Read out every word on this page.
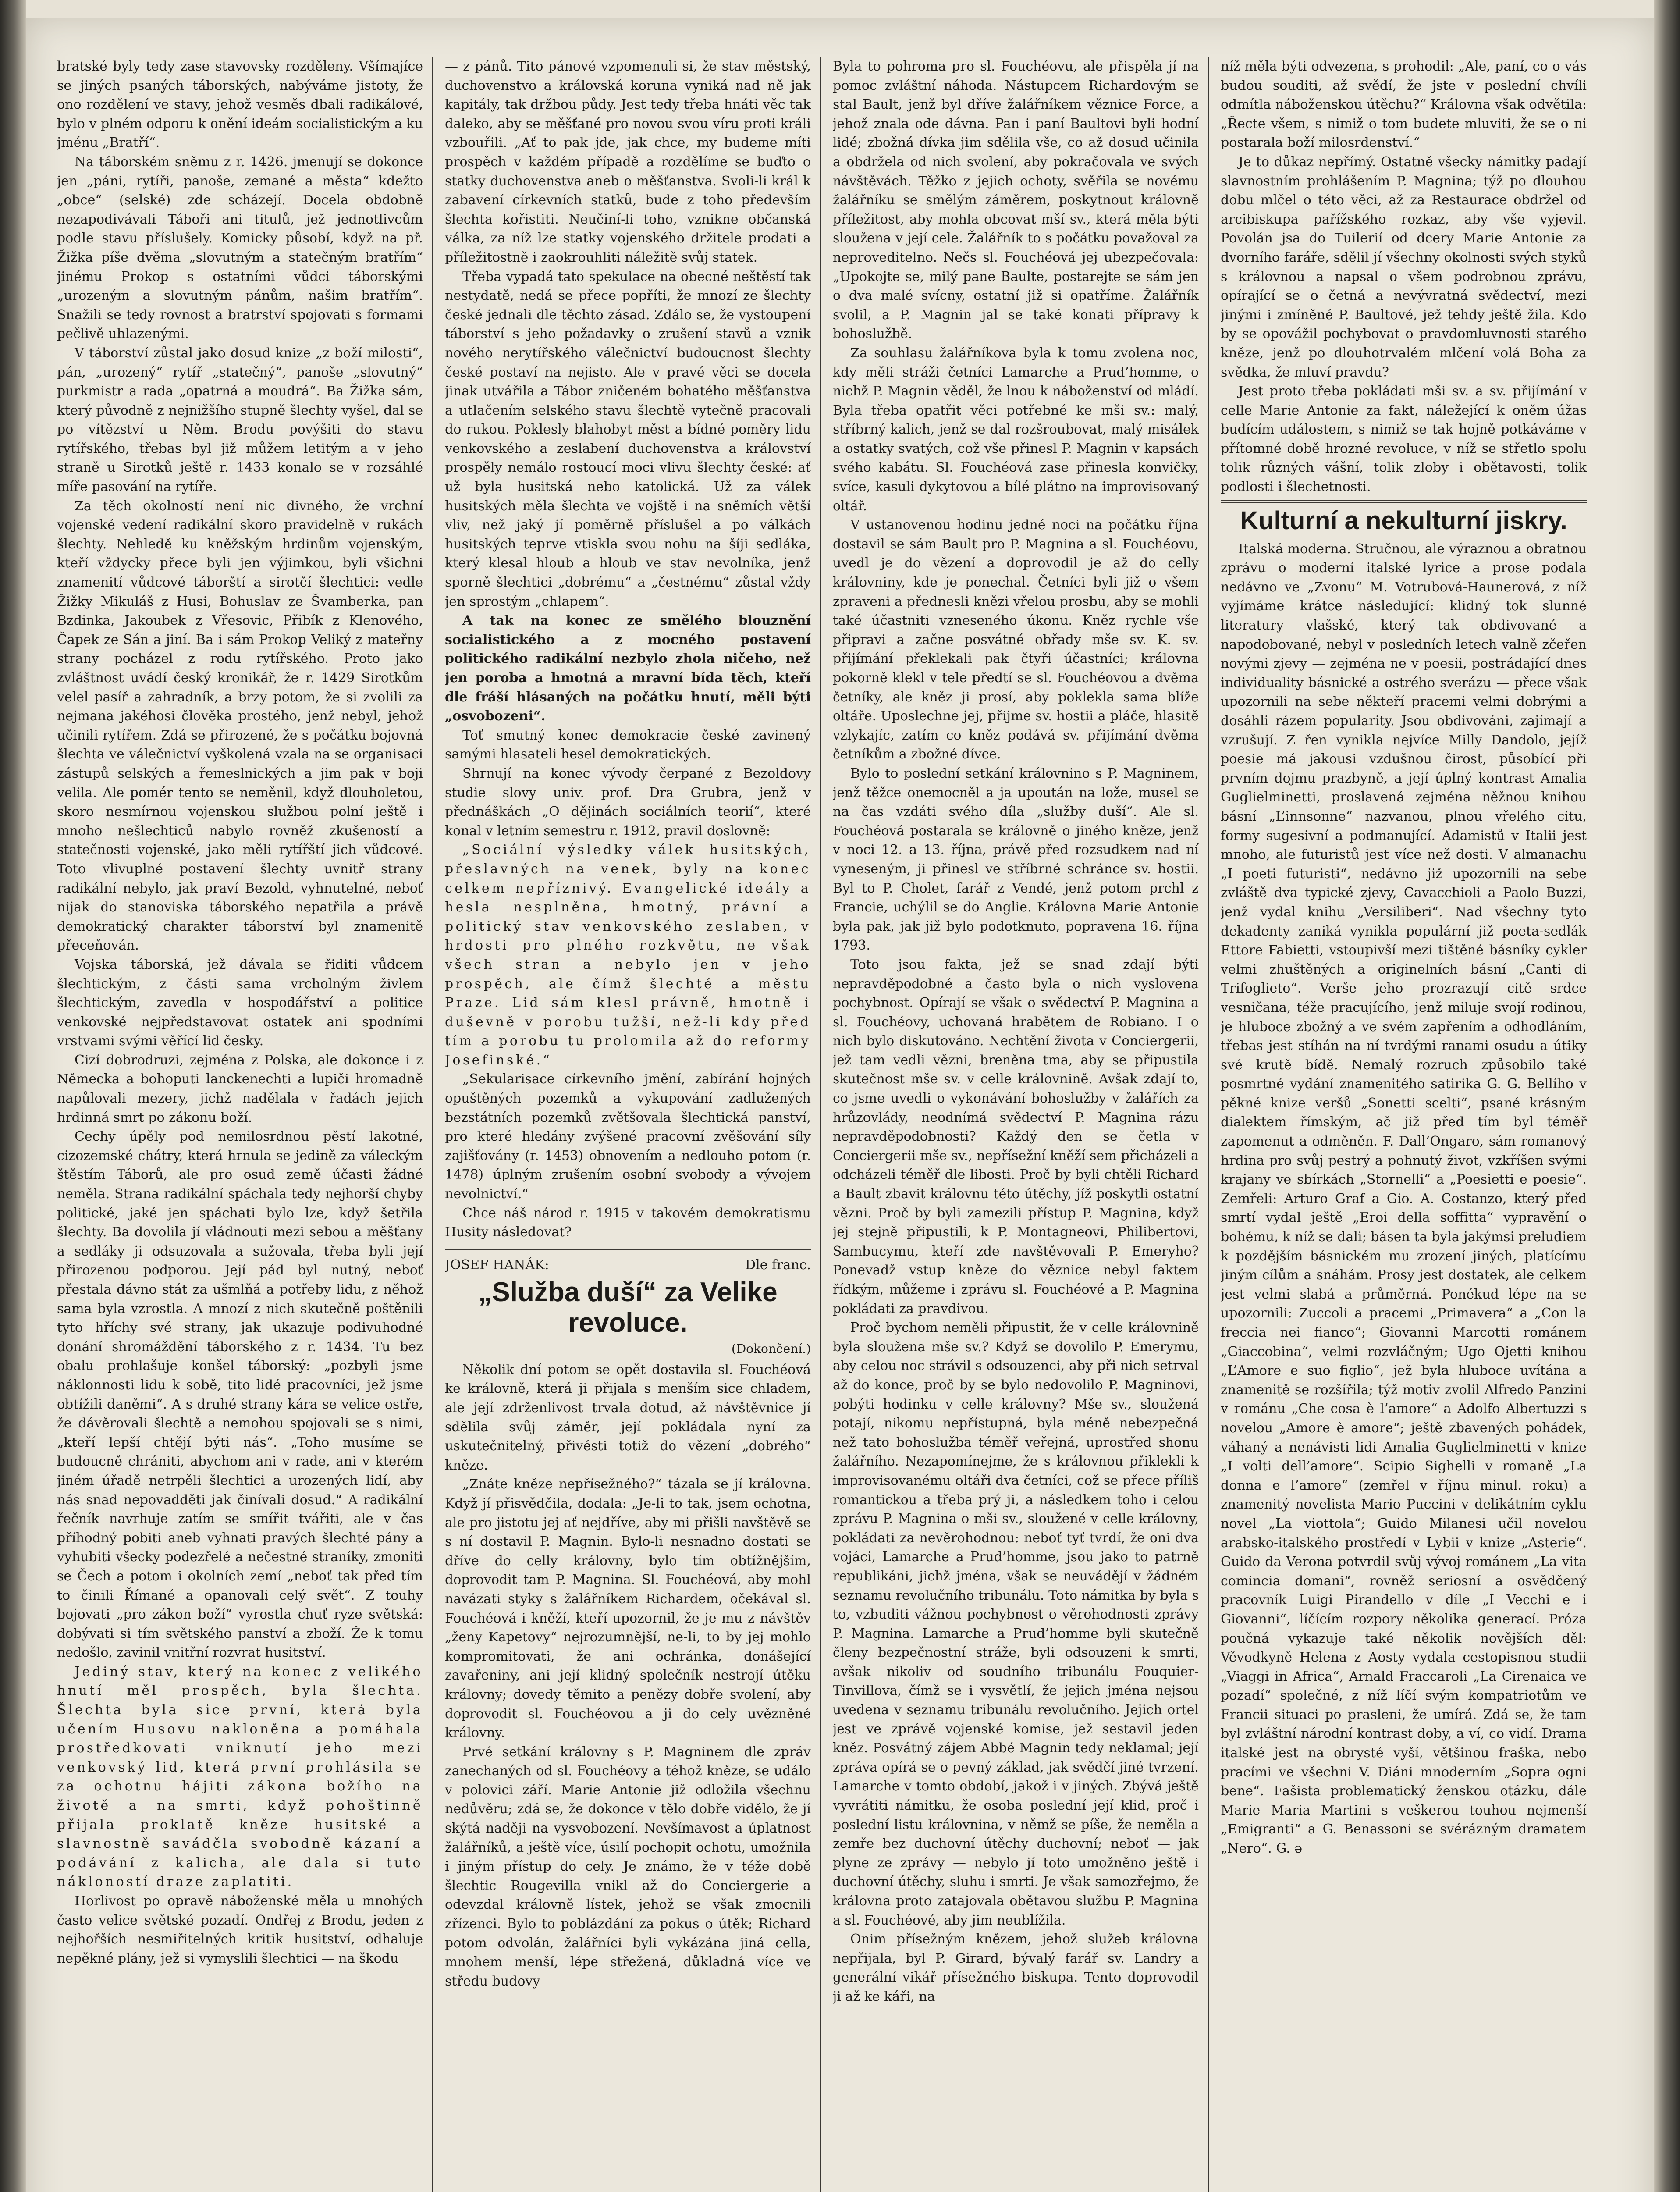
bratské byly tedy zase stavovsky rozděleny. Všímajíce se jiných psaných táborských, nabýváme jistoty, že ono rozdělení ve stavy, jehož vesměs dbali radikálové, bylo v plném odporu k onění ideám socialistickým a ku jménu „Bratří“.

Na táborském sněmu z r. 1426. jmenují se dokonce jen „páni, rytíři, panoše, zemané a města“ kdežto „obce“ (selské) zde scházejí. Docela obdobně nezapodivávali Táboři ani titulů, jež jednotlivcům podle stavu příslušely. Komicky působí, když na př. Žižka píše dvěma „slovutným a statečným bratřím“ jinému Prokop s ostatními vůdci táborskými „urozeným a slovutným pánům, našim bratřím“. Snažili se tedy rovnost a bratrství spojovati s formami pečlivě uhlazenými.

V táborství zůstal jako dosud knize „z boží milosti“, pán, „urozený“ rytíř „statečný“, panoše „slovutný“ purkmistr a rada „opatrná a moudrá“. Ba Žižka sám, který původně z nejnižšího stupně šlechty vyšel, dal se po vítězství u Něm. Brodu povýšiti do stavu rytířského, třebas byl již můžem letitým a v jeho straně u Sirotků ještě r. 1433 konalo se v rozsáhlé míře pasování na rytíře.

Za těch okolností není nic divného, že vrchní vojenské vedení radikální skoro pravidelně v rukách šlechty. Nehledě ku kněžským hrdinům vojenským, kteří vždycky přece byli jen výjimkou, byli všichni znamenití vůdcové táborští a sirotčí šlechtici: vedle Žižky Mikuláš z Husi, Bohuslav ze Švamberka, pan Bzdinka, Jakoubek z Vřesovic, Přibík z Klenového, Čapek ze Sán a jiní. Ba i sám Prokop Veliký z mateřny strany pocházel z rodu rytířského. Proto jako zvláštnost uvádí český kronikář, že r. 1429 Sirotkům velel pasíř a zahradník, a brzy potom, že si zvolili za nejmana jakéhosi člověka prostého, jenž nebyl, jehož učinili rytířem. Zdá se přirozené, že s počátku bojovná šlechta ve válečnictví vyškolená vzala na se organisaci zástupů selských a řemeslnických a jim pak v boji velila. Ale pomér tento se neměnil, když dlouholetou, skoro nesmírnou vojenskou službou polní ještě i mnoho nešlechticů nabylo rovněž zkušeností a statečnosti vojenské, jako měli rytířští jich vůdcové. Toto vlivuplné postavení šlechty uvnitř strany radikální nebylo, jak praví Bezold, vyhnutelné, neboť nijak do stanoviska táborského nepatřila a právě demokratický charakter táborství byl znamenitě přeceňován.

Vojska táborská, jež dávala se řiditi vůdcem šlechtickým, z části sama vrcholným živlem šlechtickým, zavedla v hospodářství a politice venkovské nejpředstavovat ostatek ani spodními vrstvami svými věřící lid česky.

Cizí dobrodruzi, zejména z Polska, ale dokonce i z Německa a bohoputi lanckenechti a lupiči hromadně napůlovali mezery, jichž nadělala v řadách jejich hrdinná smrt po zákonu boží.

Cechy úpěly pod nemilosrdnou pěstí lakotné, cizozemské chátry, která hrnula se jedině za váleckým štěstím Táborů, ale pro osud země účasti žádné neměla. Strana radikální spáchala tedy nejhorší chyby politické, jaké jen spáchati bylo lze, když šetřila šlechty. Ba dovolila jí vládnouti mezi sebou a měšťany a sedláky ji odsuzovala a sužovala, třeba byli její přirozenou podporou. Její pád byl nutný, neboť přestala dávno stát za ušmlňá a potřeby lidu, z něhož sama byla vzrostla. A mnozí z nich skutečně poštěnili tyto hříchy své strany, jak ukazuje podivuhodné donání shromáždění táborského z r. 1434. Tu bez obalu prohlašuje konšel táborský: „pozbyli jsme náklonnosti lidu k sobě, tito lidé pracovníci, jež jsme obtížili daněmi“. A s druhé strany kára se velice ostře, že dávěrovali šlechtě a nemohou spojovali se s nimi, „kteří lepší chtějí býti nás“. „Toho musíme se budoucně chrániti, abychom ani v rade, ani v kterém jiném úřadě netrpěli šlechtici a urozených lidí, aby nás snad nepovadděti jak činívali dosud.“ A radikální řečník navrhuje zatím se smířit tvářiti, ale v čas příhodný pobiti aneb vyhnati pravých šlechté pány a vyhubiti všecky podezřelé a nečestné straníky, zmoniti se Čech a potom i okolních zemí „neboť tak před tím to činili Římané a opanovali celý svět“. Z touhy bojovati „pro zákon boží“ vyrostla chuť ryze světská: dobývati si tím světského panství a zboží. Že k tomu nedošlo, zavinil vnitřní rozvrat husitství.

Jediný stav, který na konec z velikého hnutí měl prospěch, byla šlechta. Šlechta byla sice první, která byla učením Husovu nakloněna a pomáhala prostředkovati vniknutí jeho mezi venkovský lid, která první prohlásila se za ochotnu hájiti zákona božího na životě a na smrti, když pohoštinně přijala proklatě kněze husitské a slavnostně savádčla svobodně kázaní a podávání z kalicha, ale dala si tuto nákloností draze zaplatiti.

Horlivost po opravě náboženské měla u mnohých často velice světské pozadí. Ondřej z Brodu, jeden z nejhořších nesmiřitelných kritik husitství, odhaluje nepěkné plány, jež si vymyslili šlechtici — na škodu

— z pánů. Tito pánové vzpomenuli si, že stav městský, duchovenstvo a královská koruna vyniká nad ně jak kapitály, tak držbou půdy. Jest tedy třeba hnáti věc tak daleko, aby se měšťané pro novou svou víru proti králi vzbouřili. „Ať to pak jde, jak chce, my budeme míti prospěch v každém případě a rozdělíme se buďto o statky duchovenstva aneb o měšťanstva. Svoli-li král k zabavení církevních statků, bude z toho především šlechta kořistiti. Neučiní-li toho, vznikne občanská válka, za níž lze statky vojenského držitele prodati a příležitostně i zaokrouhliti náležitě svůj statek.

Třeba vypadá tato spekulace na obecné neštěstí tak nestydatě, nedá se přece popříti, že mnozí ze šlechty české jednali dle těchto zásad. Zdálo se, že vystoupení táborství s jeho požadavky o zrušení stavů a vznik nového nerytířského válečnictví budoucnost šlechty české postaví na nejisto. Ale v pravé věci se docela jinak utvářila a Tábor zničeném bohatého měšťanstva a utlačením selského stavu šlechtě vytečně pracovali do rukou. Poklesly blahobyt měst a bídné poměry lidu venkovského a zeslabení duchovenstva a království prospěly nemálo rostoucí moci vlivu šlechty české: ať už byla husitská nebo katolická. Už za válek husitských měla šlechta ve vojště i na sněmích větší vliv, než jaký jí poměrně příslušel a po válkách husitských teprve vtiskla svou nohu na šíji sedláka, který klesal hloub a hloub ve stav nevolníka, jenž sporně šlechtici „dobrému“ a „čestnému“ zůstal vždy jen sprostým „chlapem“.

A tak na konec ze smělého blouznění socialistického a z mocného postavení politického radikální nezbylo zhola ničeho, než jen poroba a hmotná a mravní bída těch, kteří dle fráší hlásaných na počátku hnutí, měli býti „osvobozeni“.

Toť smutný konec demokracie české zavinený samými hlasateli hesel demokratických.

Shrnují na konec vývody čerpané z Bezoldovy studie slovy univ. prof. Dra Grubra, jenž v přednáškách „O dějinách sociálních teorií“, které konal v letním semestru r. 1912, pravil doslovně:

„Sociální výsledky válek husitských, přeslavných na venek, byly na konec celkem nepříznivý. Evangelické ideály a hesla nesplněna, hmotný, právní a politický stav venkovského zeslaben, v hrdosti pro plného rozkvětu, ne však všech stran a nebylo jen v jeho prospěch, ale čímž šlechté a městu Praze. Lid sám klesl právně, hmotně i duševně v porobu tužší, než-li kdy před tím a porobu tu prolomila až do reformy Josefinské.“

„Sekularisace církevního jmění, zabírání hojných opuštěných pozemků a vykupování zadlužených bezstátních pozemků zvětšovala šlechtická panství, pro které hledány zvýšené pracovní zvěšování síly zajišťovány (r. 1453) obnovením a nedlouho potom (r. 1478) úplným zrušením osobní svobody a vývojem nevolnictví.“

Chce náš národ r. 1915 v takovém demokratismu Husity následovat?

JOSEF HANÁK:	Dle franc.
„Služba duší“ za Velike revoluce.
(Dokončení.)

Několik dní potom se opět dostavila sl. Fouchéová ke královně, která ji přijala s menším sice chladem, ale její zdrženlivost trvala dotud, až návštěvnice jí sdělila svůj záměr, její pokládala nyní za uskutečnitelný, přivésti totiž do vězení „dobrého“ kněze.

„Znáte kněze nepřísežného?“ tázala se jí královna. Když jí přisvědčila, dodala: „Je-li to tak, jsem ochotna, ale pro jistotu jej ať nejdříve, aby mi přišli navštěvě se s ní dostavil P. Magnin. Bylo-li nesnadno dostati se dříve do celly královny, bylo tím obtížnějším, doprovodit tam P. Magnina. Sl. Fouchéová, aby mohl navázati styky s žalářníkem Richardem, očekával sl. Fouchéová i kněží, kteří upozornil, že je mu z návštěv „ženy Kapetovy“ nejrozumnější, ne-li, to by jej mohlo kompromitovati, že ani ochránka, donášející zavařeniny, ani její klidný společník nestrojí útěku královny; dovedy těmito a penězy dobře svolení, aby doprovodit sl. Fouchéovou a ji do cely uvězněné královny.

Prvé setkání královny s P. Magninem dle zpráv zanechaných od sl. Fouchéovy a téhož kněze, se událo v polovici září. Marie Antonie již odložila všechnu nedůvěru; zdá se, že dokonce v tělo dobře vidělo, že jí skýtá naději na vysvobození. Nevšímavost a úplatnost žalářníků, a ještě více, úsilí pochopit ochotu, umožnila i jiným přístup do cely. Je známo, že v téže době šlechtic Rougevilla vnikl až do Conciergerie a odevzdal královně lístek, jehož se však zmocnili zřízenci. Bylo to poblázdání za pokus o útěk; Richard potom odvolán, žalářníci byli vykázána jiná cella, mnohem menší, lépe střežená, důkladná více ve středu budovy

Byla to pohroma pro sl. Fouchéovu, ale přispěla jí na pomoc zvláštní náhoda. Nástupcem Richardovým se stal Bault, jenž byl dříve žalářníkem věznice Force, a jehož znala ode dávna. Pan i paní Baultovi byli hodní lidé; zbožná dívka jim sdělila vše, co až dosud učinila a obdržela od nich svolení, aby pokračovala ve svých návštěvách. Těžko z jejich ochoty, svěřila se novému žalářníku se smělým záměrem, poskytnout královně příležitost, aby mohla obcovat mší sv., která měla býti sloužena v její cele. Žalářník to s počátku považoval za neproveditelno. Nečs sl. Fouchéová jej ubezpečovala: „Upokojte se, milý pane Baulte, postarejte se sám jen o dva malé svícny, ostatní již si opatříme. Žalářník svolil, a P. Magnin jal se také konati přípravy k bohoslužbě.

Za souhlasu žalářníkova byla k tomu zvolena noc, kdy měli stráži četníci Lamarche a Prud’homme, o nichž P. Magnin věděl, že lnou k náboženství od mládí. Byla třeba opatřit věci potřebné ke mši sv.: malý, stříbrný kalich, jenž se dal rozšroubovat, malý misálek a ostatky svatých, což vše přinesl P. Magnin v kapsách svého kabátu. Sl. Fouchéová zase přinesla konvičky, svíce, kasuli dykytovou a bílé plátno na improvisovaný oltář.

V ustanovenou hodinu jedné noci na počátku října dostavil se sám Bault pro P. Magnina a sl. Fouchéovu, uvedl je do vězení a doprovodil je až do celly královniny, kde je ponechal. Četníci byli již o všem zpraveni a přednesli knězi vřelou prosbu, aby se mohli také účastniti vzneseného úkonu. Kněz rychle vše připravi a začne posvátné obřady mše sv. K. sv. přijímání překlekali pak čtyři účastníci; královna pokorně klekl v tele předtí se sl. Fouchéovou a dvěma četníky, ale kněz ji prosí, aby poklekla sama blíže oltáře. Uposlechne jej, přijme sv. hostii a pláče, hlasitě vzlykajíc, zatím co kněz podává sv. přijímání dvěma četníkům a zbožné dívce.

Bylo to poslední setkání královnino s P. Magninem, jenž těžce onemocněl a ja upoután na lože, musel se na čas vzdáti svého díla „služby duší“. Ale sl. Fouchéová postarala se královně o jiného kněze, jenž v noci 12. a 13. října, právě před rozsudkem nad ní vyneseným, ji přinesl ve stříbrné schránce sv. hostii. Byl to P. Cholet, farář z Vendé, jenž potom prchl z Francie, uchýlil se do Anglie. Královna Marie Antonie byla pak, jak již bylo podotknuto, popravena 16. října 1793.

Toto jsou fakta, jež se snad zdají býti nepravděpodobné a často byla o nich vyslovena pochybnost. Opírají se však o svědectví P. Magnina a sl. Fouchéovy, uchovaná hrabětem de Robiano. I o nich bylo diskutováno. Nechtění života v Conciergerii, jež tam vedli vězni, breněna tma, aby se připustila skutečnost mše sv. v celle královnině. Avšak zdají to, co jsme uvedli o vykonávání bohoslužby v žalářích za hrůzovlády, neodnímá svědectví P. Magnina rázu nepravděpodobnosti? Každý den se četla v Conciergerii mše sv., nepřísežní kněží sem přicházeli a odcházeli téměř dle libosti. Proč by byli chtěli Richard a Bault zbavit královnu této útěchy, jíž poskytli ostatní vězni. Proč by byli zamezili přístup P. Magnina, když jej stejně připustili, k P. Montagneovi, Philibertovi, Sambucymu, kteří zde navštěvovali P. Emeryho? Ponevadž vstup kněze do věznice nebyl faktem řídkým, můžeme i zprávu sl. Fouchéové a P. Magnina pokládati za pravdivou.

Proč bychom neměli připustit, že v celle královnině byla sloužena mše sv.? Když se dovolilo P. Emerymu, aby celou noc strávil s odsouzenci, aby při nich setrval až do konce, proč by se bylo nedovolilo P. Magninovi, pobýti hodinku v celle královny? Mše sv., sloužená potají, nikomu nepřístupná, byla méně nebezpečná než tato bohoslužba téměř veřejná, uprostřed shonu žalářního. Nezapomínejme, že s královnou přiklekli k improvisovanému oltáři dva četníci, což se přece příliš romantickou a třeba prý ji, a následkem toho i celou zprávu P. Magnina o mši sv., sloužené v celle královny, pokládati za nevěrohodnou: neboť tyť tvrdí, že oni dva vojáci, Lamarche a Prud’homme, jsou jako to patrně republikáni, jichž jména, však se neuvádějí v žádném seznamu revolučního tribunálu. Toto námitka by byla s to, vzbuditi vážnou pochybnost o věrohodnosti zprávy P. Magnina. Lamarche a Prud’homme byli skutečně členy bezpečnostní stráže, byli odsouzeni k smrti, avšak nikoliv od soudního tribunálu Fouquier-Tinvillova, čímž se i vysvětlí, že jejich jména nejsou uvedena v seznamu tribunálu revolučního. Jejich ortel jest ve zprávě vojenské komise, jež sestavil jeden kněz. Posvátný zájem Abbé Magnin tedy neklamal; její zpráva opírá se o pevný základ, jak svědčí jiné tvrzení. Lamarche v tomto období, jakož i v jiných. Zbývá ještě vyvrátiti námitku, že osoba poslední její klid, proč i poslední listu královnina, v němž se píše, že neměla a zemře bez duchovní útěchy duchovní; neboť — jak plyne ze zprávy — nebylo jí toto umožněno ještě i duchovní útěchy, sluhu i smrti. Je však samozřejmo, že královna proto zatajovala obětavou službu P. Magnina a sl. Fouchéové, aby jim neublížila.

Onim přísežným knězem, jehož služeb královna nepřijala, byl P. Girard, bývalý farář sv. Landry a generální vikář přísežného biskupa. Tento doprovodil ji až ke káři, na

níž měla býti odvezena, s prohodil: „Ale, paní, co o vás budou souditi, až svědí, že jste v poslední chvíli odmítla náboženskou útěchu?“ Královna však odvětila: „Řecte všem, s nimiž o tom budete mluviti, že se o ni postarala boží milosrdenství.“

Je to důkaz nepřímý. Ostatně všecky námitky padají slavnostním prohlášením P. Magnina; týž po dlouhou dobu mlčel o této věci, až za Restaurace obdržel od arcibiskupa pařížského rozkaz, aby vše vyjevil. Povolán jsa do Tuilerií od dcery Marie Antonie za dvorního faráře, sdělil jí všechny okolnosti svých styků s královnou a napsal o všem podrobnou zprávu, opírající se o četná a nevývratná svědectví, mezi jinými i zmíněné P. Baultové, jež tehdy ještě žila. Kdo by se opovážil pochybovat o pravdomluvnosti starého kněze, jenž po dlouhotrvalém mlčení volá Boha za svědka, že mluví pravdu?

Jest proto třeba pokládati mši sv. a sv. přijímání v celle Marie Antonie za fakt, náležející k oněm úžas budícím událostem, s nimiž se tak hojně potkáváme v přítomné době hrozné revoluce, v níž se střetlo spolu tolik různých vášní, tolik zloby i obětavosti, tolik podlosti i šlechetnosti.

Kulturní a nekulturní jiskry.

Italská moderna. Stručnou, ale výraznou a obratnou zprávu o moderní italské lyrice a prose podala nedávno ve „Zvonu“ M. Votrubová-Haunerová, z níž vyjímáme krátce následující: klidný tok slunné literatury vlašské, který tak obdivované a napodobované, nebyl v posledních letech valně zčeřen novými zjevy — zejména ne v poesii, postrádající dnes individuality básnické a ostrého sverázu — přece však upozornili na sebe někteří pracemi velmi dobrými a dosáhli rázem popularity. Jsou obdivováni, zajímají a vzrušují. Z řen vynikla nejvíce Milly Dandolo, jejíž poesie má jakousi vzdušnou čirost, působící při prvním dojmu prazbyně, a její úplný kontrast Amalia Guglielminetti, proslavená zejména něžnou knihou básní „L’innsonne“ nazvanou, plnou vřelého citu, formy sugesivní a podmanující. Adamistů v Italii jest mnoho, ale futuristů jest více než dosti. V almanachu „I poeti futuristi“, nedávno již upozornili na sebe zvláště dva typické zjevy, Cavacchioli a Paolo Buzzi, jenž vydal knihu „Versiliberi“. Nad všechny tyto dekadenty zaniká vynikla populární již poeta-sedlák Ettore Fabietti, vstoupivší mezi tištěné básníky cykler velmi zhuštěných a originelních básní „Canti di Trifoglieto“. Verše jeho prozrazují citě srdce vesničana, téže pracujícího, jenž miluje svojí rodinou, je hluboce zbožný a ve svém zapřením a odhodláním, třebas jest stíhán na ní tvrdými ranami osudu a útiky své krutě bídě. Nemalý rozruch způsobilo také posmrtné vydání znamenitého satirika G. G. Bellího v pěkné knize veršů „Sonetti scelti“, psané krásným dialektem římským, ač již před tím byl téměř zapomenut a odměněn. F. Dall’Ongaro, sám romanový hrdina pro svůj pestrý a pohnutý život, vzkříšen svými krajany ve sbírkách „Stornelli“ a „Poesietti e poesie“. Zemřeli: Arturo Graf a Gio. A. Costanzo, který před smrtí vydal ještě „Eroi della soffitta“ vypravění o bohému, k níž se dali; básen ta byla jakýmsi preludiem k pozdějším básnickém mu zrození jiných, platícímu jiným cílům a snáhám. Prosy jest dostatek, ale celkem jest velmi slabá a průměrná. Ponékud lépe na se upozornili: Zuccoli a pracemi „Primavera“ a „Con la freccia nei fianco“; Giovanni Marcotti románem „Giaccobina“, velmi rozvláčným; Ugo Ojetti knihou „L’Amore e suo figlio“, jež byla hluboce uvítána a znamenitě se rozšířila; týž motiv zvolil Alfredo Panzini v románu „Che cosa è l’amore“ a Adolfo Albertuzzi s novelou „Amore è amore“; ještě zbavených pohádek, váhaný a nenávisti lidi Amalia Guglielminetti v knize „I volti dell’amore“. Scipio Sighelli v romaně „La donna e l’amore“ (zemřel v říjnu minul. roku) a znamenitý novelista Mario Puccini v delikátním cyklu novel „La viottola“; Guido Milanesi učil novelou arabsko-italského prostředí v Lybii v knize „Asterie“. Guido da Verona potvrdil svůj vývoj románem „La vita comincia domani“, rovněž seriosní a osvědčený pracovník Luigi Pirandello v díle „I Vecchi e i Giovanni“, líčícím rozpory několika generací. Próza poučná vykazuje také několik novějších děl: Věvodkyně Helena z Aosty vydala cestopisnou studii „Viaggi in Africa“, Arnald Fraccaroli „La Cirenaica ve pozadí“ společné, z níž líčí svým kompatriotům ve Francii situaci po prasleni, že umírá. Zdá se, že tam byl zvláštní národní kontrast doby, a ví, co vidí. Drama italské jest na obrysté vyší, většinou fraška, nebo pracími ve všechni V. Diáni mnoderním „Sopra ogni bene“. Fašista problematický ženskou otázku, dále Marie Maria Martini s veškerou touhou nejmenší „Emigranti“ a G. Benassoni se svérázným dramatem „Nero“. G. ǝ
